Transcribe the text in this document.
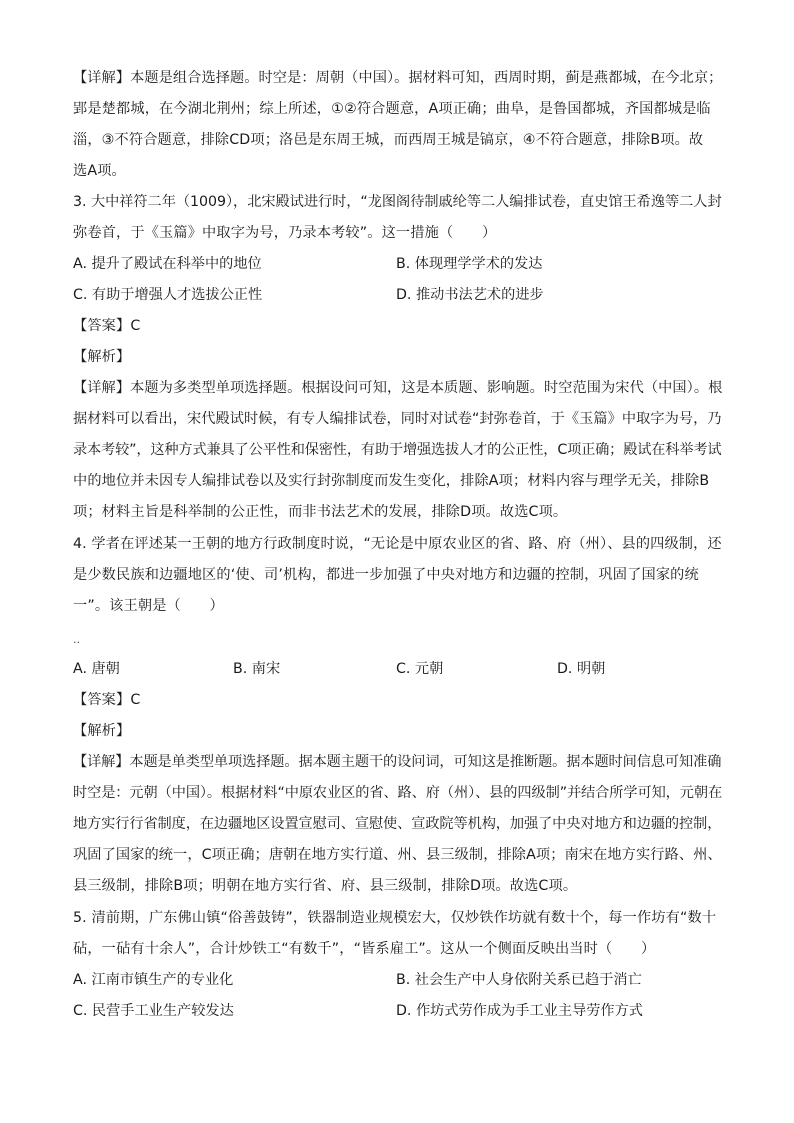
【详解】本题是组合选择题。时空是：周朝（中国）。据材料可知，西周时期，蓟是燕都城，在今北京；
郢是楚都城，在今湖北荆州；综上所述，①②符合题意，A项正确；曲阜，是鲁国都城，齐国都城是临
淄，③不符合题意，排除CD项；洛邑是东周王城，而西周王城是镐京，④不符合题意，排除B项。故
选A项。
3. 大中祥符二年（1009），北宋殿试进行时，“龙图阁待制戚纶等二人编排试卷，直史馆王希逸等二人封
弥卷首，于《玉篇》中取字为号，乃录本考较”。这一措施（　　）
A. 提升了殿试在科举中的地位	B. 体现理学学术的发达
C. 有助于增强人才选拔公正性	D. 推动书法艺术的进步
【答案】C
【解析】
【详解】本题为多类型单项选择题。根据设问可知，这是本质题、影响题。时空范围为宋代（中国）。根
据材料可以看出，宋代殿试时候，有专人编排试卷，同时对试卷“封弥卷首，于《玉篇》中取字为号，乃
录本考较”，这种方式兼具了公平性和保密性，有助于增强选拔人才的公正性，C项正确；殿试在科举考试
中的地位并未因专人编排试卷以及实行封弥制度而发生变化，排除A项；材料内容与理学无关，排除B
项；材料主旨是科举制的公正性，而非书法艺术的发展，排除D项。故选C项。
4. 学者在评述某一王朝的地方行政制度时说，“无论是中原农业区的省、路、府（州）、县的四级制，还
是少数民族和边疆地区的‘使、司’机构，都进一步加强了中央对地方和边疆的控制，巩固了国家的统
一”。该王朝是（　　）
..
A. 唐朝	B. 南宋	C. 元朝	D. 明朝
【答案】C
【解析】
【详解】本题是单类型单项选择题。据本题主题干的设问词，可知这是推断题。据本题时间信息可知准确
时空是：元朝（中国）。根据材料“中原农业区的省、路、府（州）、县的四级制”并结合所学可知，元朝在
地方实行行省制度，在边疆地区设置宣慰司、宣慰使、宣政院等机构，加强了中央对地方和边疆的控制，
巩固了国家的统一，C项正确；唐朝在地方实行道、州、县三级制，排除A项；南宋在地方实行路、州、
县三级制，排除B项；明朝在地方实行省、府、县三级制，排除D项。故选C项。
5. 清前期，广东佛山镇“俗善鼓铸”，铁器制造业规模宏大，仅炒铁作坊就有数十个，每一作坊有“数十
砧，一砧有十余人”，合计炒铁工“有数千”，“皆系雇工”。这从一个侧面反映出当时（　　）
A. 江南市镇生产的专业化	B. 社会生产中人身依附关系已趋于消亡
C. 民营手工业生产较发达	D. 作坊式劳作成为手工业主导劳作方式
